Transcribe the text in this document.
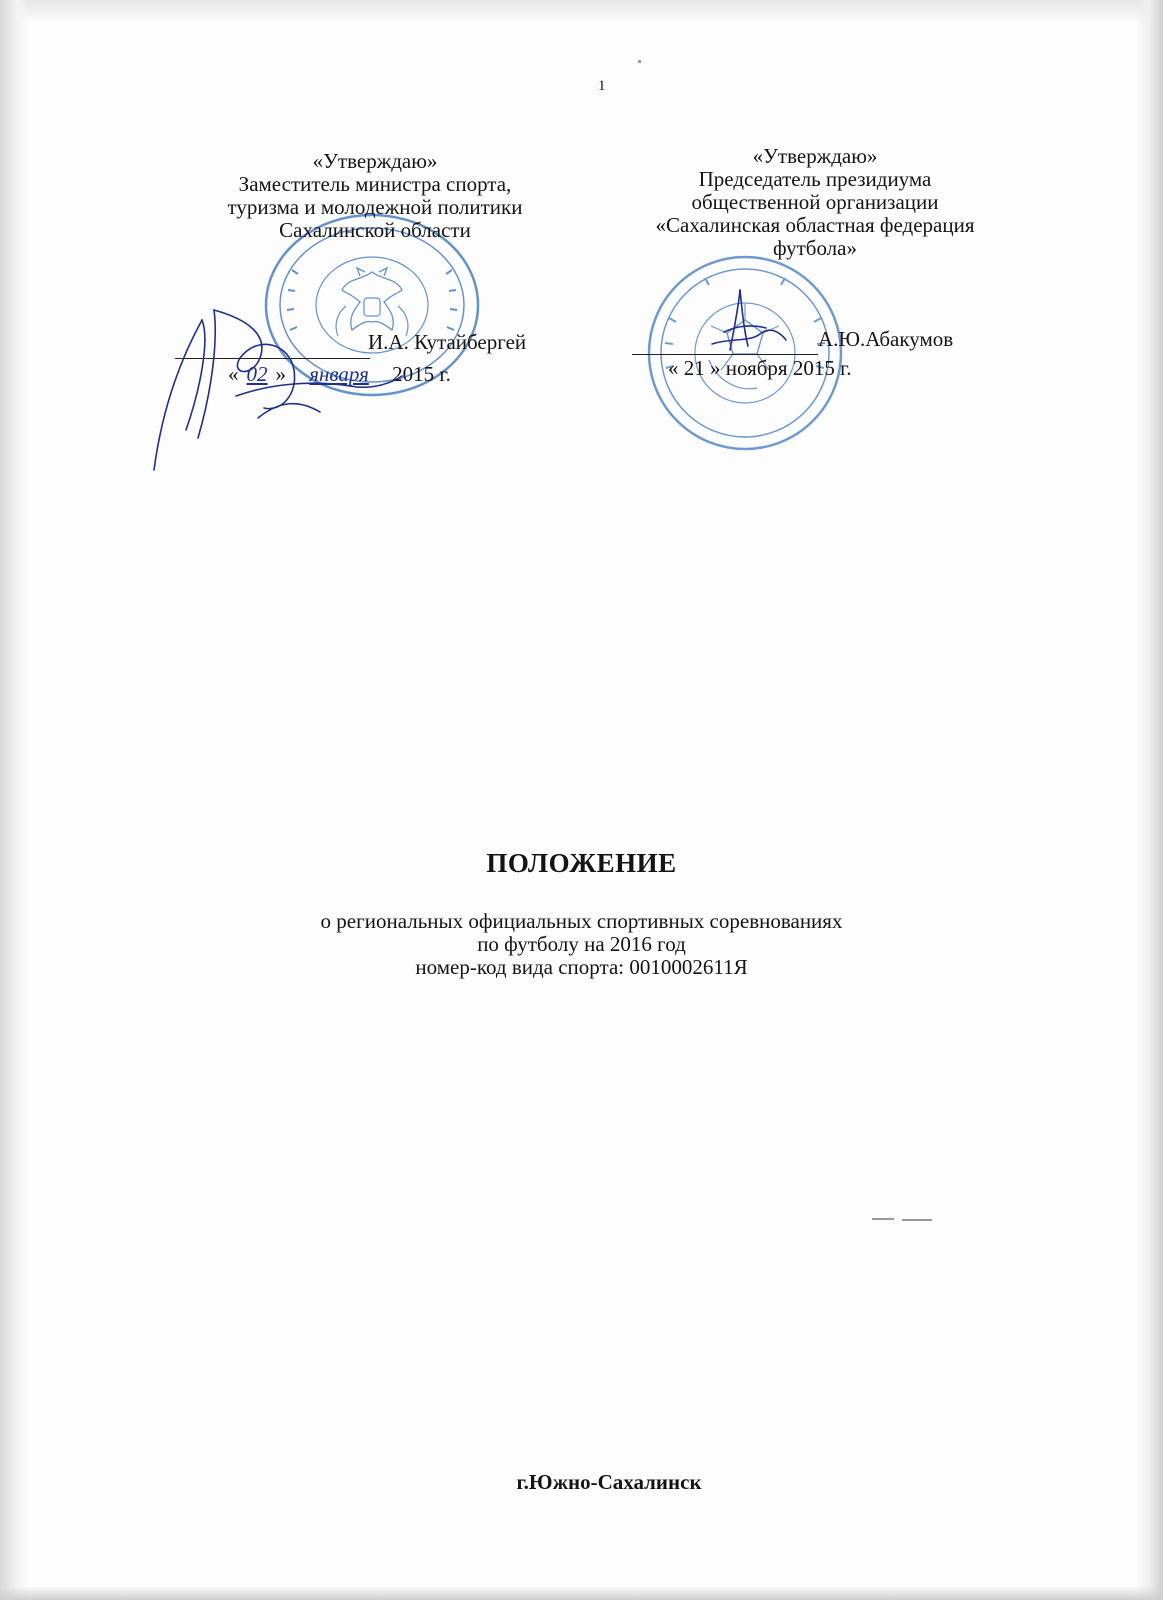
1
«Утверждаю»
Заместитель министра спорта,
туризма и молодежной политики
Сахалинской области
И.А. Кутайбергей
« 02 » января 2015 г.
«Утверждаю»
Председатель президиума
общественной организации
«Сахалинская областная федерация
футбола»
А.Ю.Абакумов
« 21 » ноября 2015 г.
ПОЛОЖЕНИЕ
о региональных официальных спортивных соревнованиях
по футболу на 2016 год
номер-код вида спорта: 0010002611Я
г.Южно-Сахалинск
